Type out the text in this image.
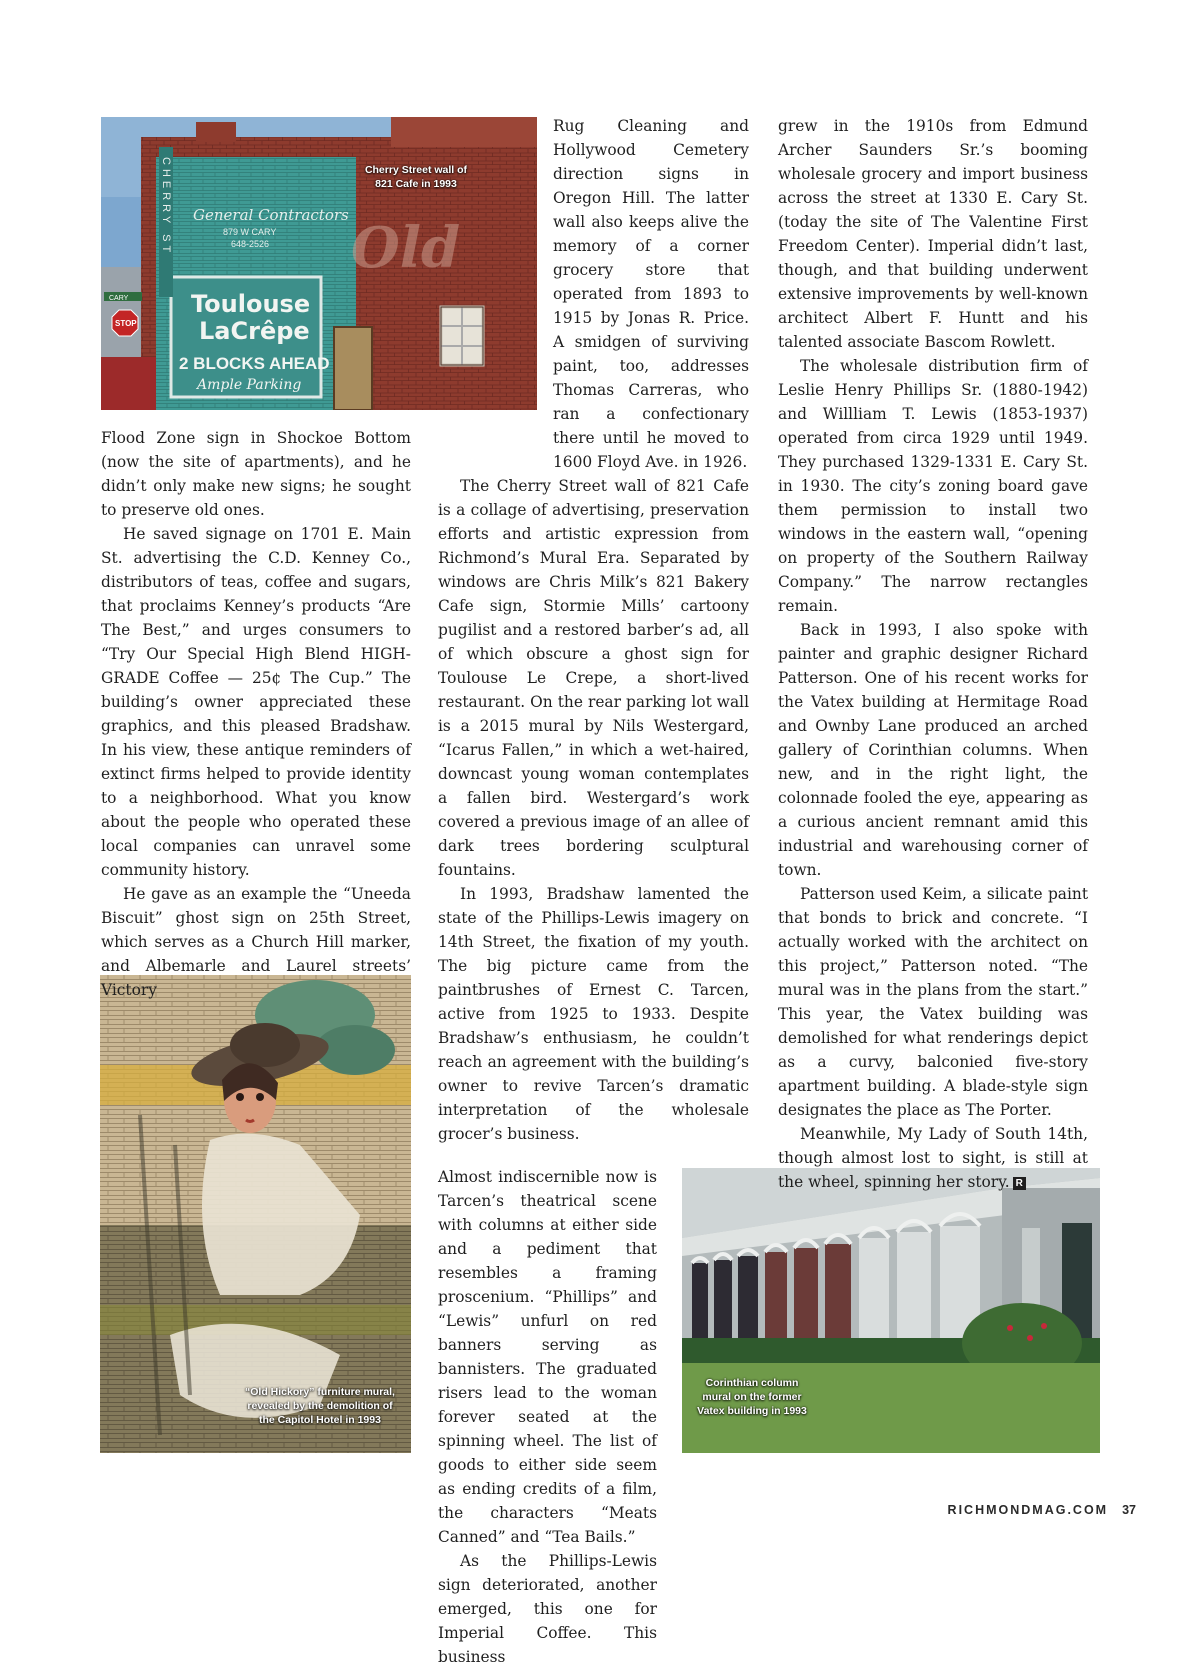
CHERRY ST General Contractors
879 W CARY
648-2526
Toulouse
LaCrêpe
2 BLOCKS AHEAD
Ample Parking
Old
CARY
STOP
Cherry Street wall of
821 Cafe in 1993
“Old Hickory” furniture mural,
revealed by the demolition of
the Capitol Hotel in 1993
Corinthian column
mural on the former
Vatex building in 1993

Flood Zone sign in Shockoe Bottom (now the site of apartments), and he didn’t only make new signs; he sought to preserve old ones.

He saved signage on 1701 E. Main St. advertising the C.D. Kenney Co., distributors of teas, coffee and sugars, that proclaims Kenney’s products “Are The Best,” and urges consumers to “Try Our Special High Blend HIGH-GRADE Coffee — 25¢ The Cup.” The building’s owner appreciated these graphics, and this pleased Bradshaw. In his view, these antique reminders of extinct firms helped to provide identity to a neighborhood. What you know about the people who operated these local companies can unravel some community history.

He gave as an example the “Uneeda Biscuit” ghost sign on 25th Street, which serves as a Church Hill marker, and Albemarle and Laurel streets’ Victory

Rug Cleaning and Hollywood Cemetery direction signs in Oregon Hill. The latter wall also keeps alive the memory of a corner grocery store that operated from 1893 to 1915 by Jonas R. Price. A smidgen of surviving paint, too, addresses Thomas Carreras, who ran a confectionary there until he moved to 1600 Floyd Ave. in 1926.

The Cherry Street wall of 821 Cafe is a collage of advertising, preservation efforts and artistic expression from Richmond’s Mural Era. Separated by windows are Chris Milk’s 821 Bakery Cafe sign, Stormie Mills’ cartoony pugilist and a restored barber’s ad, all of which obscure a ghost sign for Toulouse Le Crepe, a short-lived restaurant. On the rear parking lot wall is a 2015 mural by Nils Westergard, “Icarus Fallen,” in which a wet-haired, downcast young woman contemplates a fallen bird. Westergard’s work covered a previous image of an allee of dark trees bordering sculptural fountains.

In 1993, Bradshaw lamented the state of the Phillips-Lewis imagery on 14th Street, the fixation of my youth. The big picture came from the paintbrushes of Ernest C. Tarcen, active from 1925 to 1933. Despite Bradshaw’s enthusiasm, he couldn’t reach an agreement with the building’s owner to revive Tarcen’s dramatic interpretation of the wholesale grocer’s business.

Almost indiscernible now is Tarcen’s theatrical scene with columns at either side and a pediment that resembles a framing proscenium. “Phillips” and “Lewis” unfurl on red banners serving as bannisters. The graduated risers lead to the woman forever seated at the spinning wheel. The list of goods to either side seem as ending credits of a film, the characters “Meats Canned” and “Tea Bails.”

As the Phillips-Lewis sign deteriorated, another emerged, this one for Imperial Coffee. This business

grew in the 1910s from Edmund Archer Saunders Sr.’s booming wholesale grocery and import business across the street at 1330 E. Cary St. (today the site of The Valentine First Freedom Center). Imperial didn’t last, though, and that building underwent extensive improvements by well-known architect Albert F. Huntt and his talented associate Bascom Rowlett.

The wholesale distribution firm of Leslie Henry Phillips Sr. (1880-1942) and Willliam T. Lewis (1853-1937) operated from circa 1929 until 1949. They purchased 1329-1331 E. Cary St. in 1930. The city’s zoning board gave them permission to install two windows in the eastern wall, “opening on property of the Southern Railway Company.” The narrow rectangles remain.

Back in 1993, I also spoke with painter and graphic designer Richard Patterson. One of his recent works for the Vatex building at Hermitage Road and Ownby Lane produced an arched gallery of Corinthian columns. When new, and in the right light, the colonnade fooled the eye, appearing as a curious ancient remnant amid this industrial and warehousing corner of town.

Patterson used Keim, a silicate paint that bonds to brick and concrete. “I actually worked with the architect on this project,” Patterson noted. “The mural was in the plans from the start.” This year, the Vatex building was demolished for what renderings depict as a curvy, balconied five-story apartment building. A blade-style sign designates the place as The Porter.

Meanwhile, My Lady of South 14th, though almost lost to sight, is still at the wheel, spinning her story. R

RICHMONDMAG.COM 37
